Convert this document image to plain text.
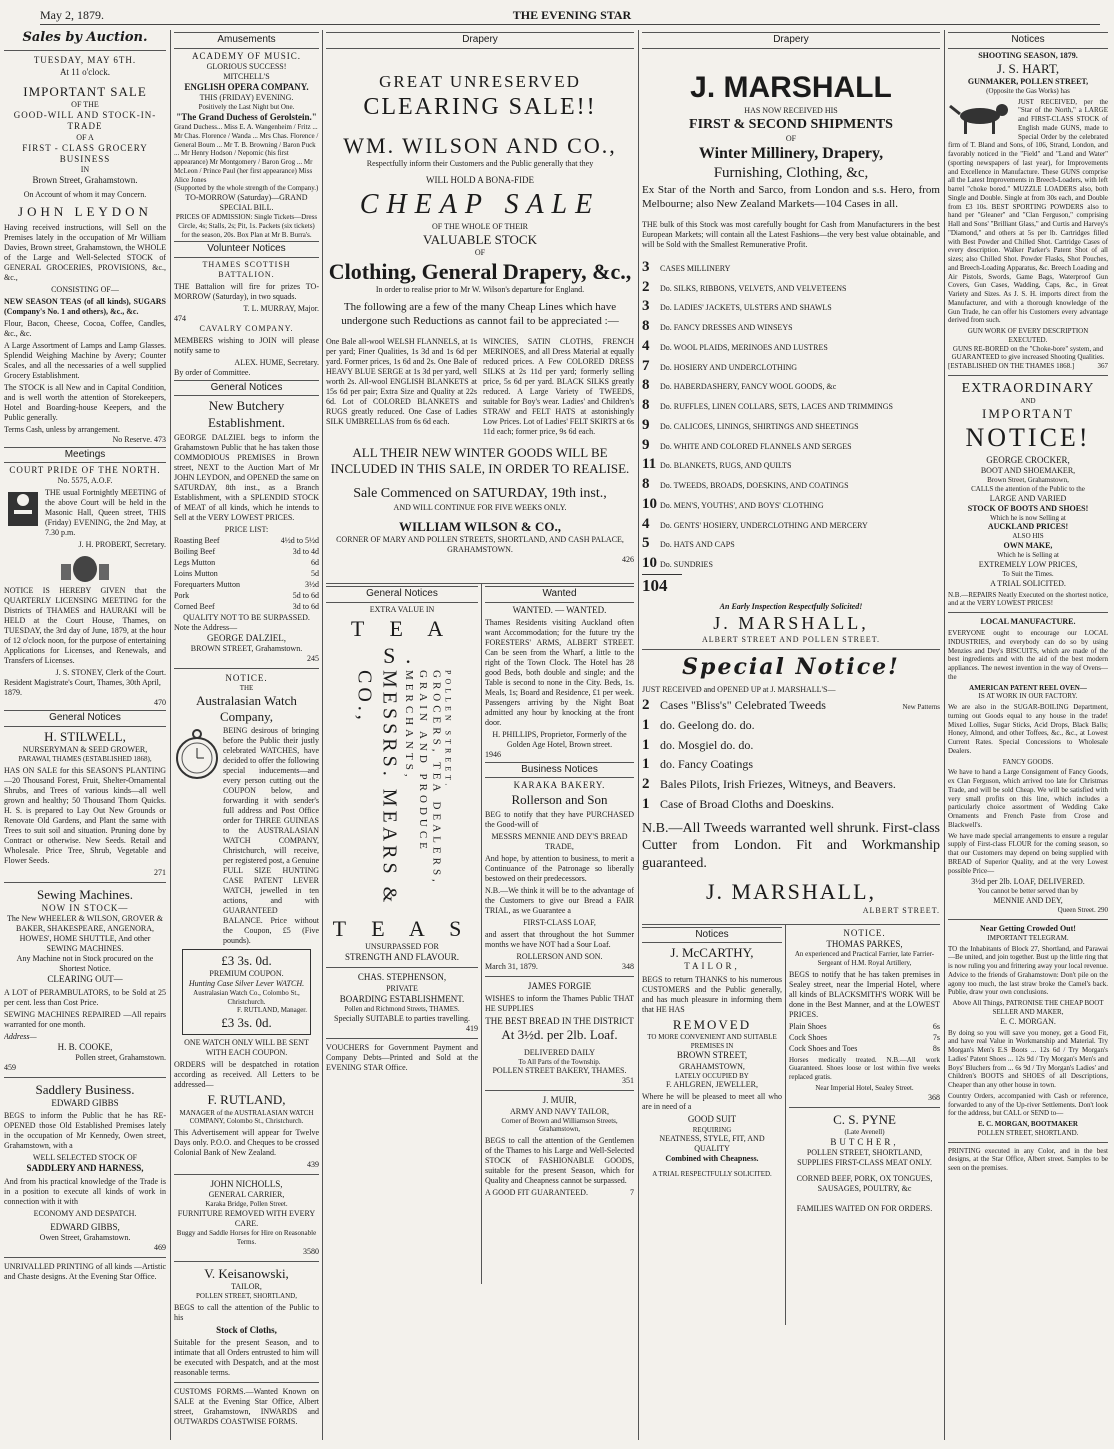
May 2, 1879.	THE EVENING STAR
Sales by Auction.
TUESDAY, MAY 6TH.
At 11 o'clock.
IMPORTANT SALE
OF THE
GOOD-WILL AND STOCK-IN-TRADE
OF A
FIRST - CLASS GROCERY BUSINESS
IN
Brown Street, Grahamstown.
On Account of whom it may Concern.
JOHN LEYDON
Having received instructions, will Sell on the Premises lately in the occupation of Mr William Davies, Brown street, Grahamstown, the WHOLE of the Large and Well-Selected STOCK of GENERAL GROCERIES, PROVISIONS, &c., &c.,
CONSISTING OF—
NEW SEASON TEAS (of all kinds), SUGARS (Company's No. 1 and others), &c., &c.
Flour, Bacon, Cheese, Cocoa, Coffee, Candles, &c., &c.
A Large Assortment of Lamps and Lamp Glasses. Splendid Weighing Machine by Avery; Counter Scales, and all the necessaries of a well supplied Grocery Establishment.
The STOCK is all New and in Capital Condition, and is well worth the attention of Storekeepers, Hotel and Boarding-house Keepers, and the Public generally.
Terms Cash, unless by arrangement.
No Reserve. 473
Meetings
COURT PRIDE OF THE NORTH.
No. 5575, A.O.F.
THE usual Fortnightly MEETING of the above Court will be held in the Masonic Hall, Queen street, THIS (Friday) EVENING, the 2nd May, at 7.30 p.m.
J. H. PROBERT, Secretary.
NOTICE IS HEREBY GIVEN that the QUARTERLY LICENSING MEETING for the Districts of THAMES and HAURAKI will be HELD at the Court House, Thames, on TUESDAY, the 3rd day of June, 1879, at the hour of 12 o'clock noon, for the purpose of entertaining Applications for Licenses, and Renewals, and Transfers of Licenses.
J. S. STONEY, Clerk of the Court.
Resident Magistrate's Court, Thames, 30th April, 1879.
470
General Notices
H. STILWELL,
NURSERYMAN & SEED GROWER,
PARAWAI, THAMES (ESTABLISHED 1868),
HAS ON SALE for this SEASON'S PLANTING—20 Thousand Forest, Fruit, Shelter-Ornamental Shrubs, and Trees of various kinds—all well grown and healthy; 50 Thousand Thorn Quicks. H. S. is prepared to Lay Out New Grounds or Renovate Old Gardens, and Plant the same with Trees to suit soil and situation. Pruning done by Contract or otherwise. New Seeds. Retail and Wholesale. Price Tree, Shrub, Vegetable and Flower Seeds.
271
Sewing Machines.
NOW IN STOCK—
The New WHEELER & WILSON, GROVER & BAKER, SHAKESPEARE, ANGENORA, HOWES', HOME SHUTTLE, And other SEWING MACHINES.
Any Machine not in Stock procured on the Shortest Notice.
CLEARING OUT—
A LOT of PERAMBULATORS, to be Sold at 25 per cent. less than Cost Price.
SEWING MACHINES REPAIRED —All repairs warranted for one month.
Address—
H. B. COOKE,
Pollen street, Grahamstown.
459
Saddlery Business.
EDWARD GIBBS
BEGS to inform the Public that he has RE-OPENED those Old Established Premises lately in the occupation of Mr Kennedy, Owen street, Grahamstown, with a
WELL SELECTED STOCK OF
SADDLERY AND HARNESS,
And from his practical knowledge of the Trade is in a position to execute all kinds of work in connection with it with
ECONOMY AND DESPATCH.
EDWARD GIBBS,
Owen Street, Grahamstown.
469
UNRIVALLED PRINTING of all kinds —Artistic and Chaste designs. At the Evening Star Office.
Amusements
ACADEMY OF MUSIC.
GLORIOUS SUCCESS!
MITCHELL'S
ENGLISH OPERA COMPANY.
THIS (FRIDAY) EVENING.
Positively the Last Night but One.
"The Grand Duchess of Gerolstein."
Grand Duchess... Miss E. A. Wangenheim / Fritz ... Mr Chas. Florence / Wanda ... Mrs Chas. Florence / General Boum ... Mr T. B. Browning / Baron Puck ... Mr Henry Hodson / Nepomic (his first appearance) Mr Montgomery / Baron Grog ... Mr McLeon / Prince Paul (her first appearance) Miss Alice Jones
(Supported by the whole strength of the Company.)
TO-MORROW (Saturday)—GRAND SPECIAL BILL.
PRICES OF ADMISSION: Single Tickets—Dress Circle, 4s; Stalls, 2s; Pit, 1s. Packets (six tickets) for the season, 20s. Box Plan at Mr B. Burra's.
Volunteer Notices
THAMES SCOTTISH BATTALION.
THE Battalion will fire for prizes TO-MORROW (Saturday), in two squads.
T. L. MURRAY, Major.
474
CAVALRY COMPANY.
MEMBERS wishing to JOIN will please notify same to
ALEX. HUME, Secretary.
By order of Committee.
General Notices
New Butchery Establishment.
GEORGE DALZIEL begs to inform the Grahamstown Public that he has taken those COMMODIOUS PREMISES in Brown street, NEXT to the Auction Mart of Mr JOHN LEYDON, and OPENED the same on SATURDAY, 8th inst., as a Branch Establishment, with a SPLENDID STOCK of MEAT of all kinds, which he intends to Sell at the VERY LOWEST PRICES.
PRICE LIST:
Roasting Beef	4½d to 5½d
Boiling Beef	3d to 4d
Legs Mutton	6d
Loins Mutton	5d
Forequarters Mutton	3½d
Pork	5d to 6d
Corned Beef	3d to 6d
QUALITY NOT TO BE SURPASSED.
Note the Address—
GEORGE DALZIEL,
BROWN STREET, Grahamstown.
245
NOTICE.
THE
Australasian Watch Company,
BEING desirous of bringing before the Public their justly celebrated WATCHES, have decided to offer the following special inducements—and every person cutting out the COUPON below, and forwarding it with sender's full address and Post Office order for THREE GUINEAS to the AUSTRALASIAN WATCH COMPANY, Christchurch, will receive, per registered post, a Genuine FULL SIZE HUNTING CASE PATENT LEVER WATCH, jewelled in ten actions, and with GUARANTEED BALANCE. Price without the Coupon, £5 (Five pounds).
£3 3s. 0d.
PREMIUM COUPON.
Hunting Case Silver Lever WATCH.
Australasian Watch Co., Colombo St., Christchurch.
F. RUTLAND, Manager.
£3 3s. 0d.
ONE WATCH ONLY WILL BE SENT WITH EACH COUPON.
ORDERS will be despatched in rotation according as received. All Letters to be addressed—
F. RUTLAND,
MANAGER of the AUSTRALASIAN WATCH COMPANY, Colombo St., Christchurch.
This Advertisement will appear for Twelve Days only. P.O.O. and Cheques to be crossed Colonial Bank of New Zealand.
439
JOHN NICHOLLS,
GENERAL CARRIER,
Karaka Bridge, Pollen Street.
FURNITURE REMOVED WITH EVERY CARE.
Buggy and Saddle Horses for Hire on Reasonable Terms.
3580
V. Keisanowski,
TAILOR,
POLLEN STREET, SHORTLAND,
BEGS to call the attention of the Public to his
Stock of Cloths,
Suitable for the present Season, and to intimate that all Orders entrusted to him will be executed with Despatch, and at the most reasonable terms.
CUSTOMS FORMS.—Wanted Known on SALE at the Evening Star Office, Albert street, Grahamstown, INWARDS and OUTWARDS COASTWISE FORMS.
Drapery
GREAT UNRESERVED
CLEARING SALE!!
WM. WILSON AND CO.,
Respectfully inform their Customers and the Public generally that they
WILL HOLD A BONA-FIDE
CHEAP SALE
OF THE WHOLE OF THEIR
VALUABLE STOCK
OF
Clothing, General Drapery, &c.,
In order to realise prior to Mr W. Wilson's departure for England.
The following are a few of the many Cheap Lines which have undergone such Reductions as cannot fail to be appreciated :—
One Bale all-wool WELSH FLANNELS, at 1s per yard; Finer Qualities, 1s 3d and 1s 6d per yard. Former prices, 1s 6d and 2s. One Bale of HEAVY BLUE SERGE at 1s 3d per yard, well worth 2s. All-wool ENGLISH BLANKETS at 15s 6d per pair; Extra Size and Quality at 22s 6d. Lot of COLORED BLANKETS and RUGS greatly reduced. One Case of Ladies SILK UMBRELLAS from 6s 6d each.
WINCIES, SATIN CLOTHS, FRENCH MERINOES, and all Dress Material at equally reduced prices. A Few COLORED DRESS SILKS at 2s 11d per yard; formerly selling price, 5s 6d per yard. BLACK SILKS greatly reduced. A Large Variety of TWEEDS, suitable for Boy's wear. Ladies' and Children's STRAW and FELT HATS at astonishingly Low Prices. Lot of Ladies' FELT SKIRTS at 6s 11d each; former price, 9s 6d each.
ALL THEIR NEW WINTER GOODS WILL BE INCLUDED IN THIS SALE, IN ORDER TO REALISE.
Sale Commenced on SATURDAY, 19th inst.,
AND WILL CONTINUE FOR FIVE WEEKS ONLY.
WILLIAM WILSON & CO.,
CORNER OF MARY AND POLLEN STREETS, SHORTLAND, AND CASH PALACE, GRAHAMSTOWN.
426
General Notices
EXTRA VALUE IN
T E A S.
MESSRS. MEARS & CO.,	GROCERS, TEA DEALERS, GRAIN AND PRODUCE MERCHANTS,	POLLEN STREET.
T E A S
UNSURPASSED FOR
STRENGTH AND FLAVOUR.
CHAS. STEPHENSON,
PRIVATE
BOARDING ESTABLISHMENT.
Pollen and Richmond Streets, THAMES.
Specially SUITABLE to parties travelling.
419
VOUCHERS for Government Payment and Company Debts—Printed and Sold at the EVENING STAR Office.
Wanted
WANTED. — WANTED.
Thames Residents visiting Auckland often want Accommodation; for the future try the FORESTERS' ARMS, ALBERT STREET. Can be seen from the Wharf, a little to the right of the Town Clock. The Hotel has 28 good Beds, both double and single; and the Table is second to none in the City. Beds, 1s. Meals, 1s; Board and Residence, £1 per week. Passengers arriving by the Night Boat admitted any hour by knocking at the front door.
H. PHILLIPS, Proprietor, Formerly of the Golden Age Hotel, Brown street.
1946
Business Notices
KARAKA BAKERY.
Rollerson and Son
BEG to notify that they have PURCHASED the Good-will of
MESSRS MENNIE AND DEY'S BREAD TRADE,
And hope, by attention to business, to merit a Continuance of the Patronage so liberally bestowed on their predecessors.
N.B.—We think it will be to the advantage of the Customers to give our Bread a FAIR TRIAL, as we Guarantee a
FIRST-CLASS LOAF,
and assert that throughout the hot Summer months we have NOT had a Sour Loaf.
ROLLERSON AND SON.
March 31, 1879.	348
JAMES FORGIE
WISHES to inform the Thames Public THAT HE SUPPLIES
THE BEST BREAD IN THE DISTRICT
At 3½d. per 2lb. Loaf.
DELIVERED DAILY
To All Parts of the Township.
POLLEN STREET BAKERY, THAMES.
351
J. MUIR,
ARMY AND NAVY TAILOR,
Corner of Brown and Williamson Streets, Grahamstown,
BEGS to call the attention of the Gentlemen of the Thames to his Large and Well-Selected STOCK of FASHIONABLE GOODS, suitable for the present Season, which for Quality and Cheapness cannot be surpassed.
A GOOD FIT GUARANTEED.	7
Drapery
J. MARSHALL
HAS NOW RECEIVED HIS
FIRST & SECOND SHIPMENTS
OF
Winter Millinery, Drapery,
Furnishing, Clothing, &c,
Ex Star of the North and Sarco, from London and s.s. Hero, from Melbourne; also New Zealand Markets—104 Cases in all.
THE bulk of this Stock was most carefully bought for Cash from Manufacturers in the best European Markets; will contain all the Latest Fashions—the very best value obtainable, and will be Sold with the Smallest Remunerative Profit.
3	CASES MILLINERY
2	Do. SILKS, RIBBONS, VELVETS, AND VELVETEENS
3	Do. LADIES' JACKETS, ULSTERS AND SHAWLS
8	Do. FANCY DRESSES AND WINSEYS
4	Do. WOOL PLAIDS, MERINOES AND LUSTRES
7	Do. HOSIERY AND UNDERCLOTHING
8	Do. HABERDASHERY, FANCY WOOL GOODS, &c
8	Do. RUFFLES, LINEN COLLARS, SETS, LACES AND TRIMMINGS
9	Do. CALICOES, LININGS, SHIRTINGS AND SHEETINGS
9	Do. WHITE AND COLORED FLANNELS AND SERGES
11 Do. BLANKETS, RUGS, AND QUILTS
8	Do. TWEEDS, BROADS, DOESKINS, AND COATINGS
10 Do. MEN'S, YOUTHS', AND BOYS' CLOTHING
4	Do. GENTS' HOSIERY, UNDERCLOTHING AND MERCERY
5	Do. HATS AND CAPS
10 Do. SUNDRIES
104
An Early Inspection Respectfully Solicited!
J. MARSHALL,
ALBERT STREET AND POLLEN STREET.
Special Notice!
JUST RECEIVED and OPENED UP at J. MARSHALL'S—
2 Cases "Bliss's" Celebrated Tweeds	New Patterns
1 do. Geelong do. do.
1 do. Mosgiel do. do.
1 do. Fancy Coatings
2 Bales Pilots, Irish Friezes, Witneys, and Beavers.
1 Case of Broad Cloths and Doeskins.
N.B.—All Tweeds warranted well shrunk. First-class Cutter from London. Fit and Workmanship guaranteed.
J. MARSHALL,
ALBERT STREET.
Notices
J. McCARTHY,
TAILOR,
BEGS to return THANKS to his numerous CUSTOMERS and the Public generally, and has much pleasure in informing them that HE HAS
REMOVED
TO MORE CONVENIENT AND SUITABLE PREMISES IN
BROWN STREET,
GRAHAMSTOWN,
LATELY OCCUPIED BY
F. AHLGREN, JEWELLER,
Where he will be pleased to meet all who are in need of a
GOOD SUIT
REQUIRING
NEATNESS, STYLE, FIT, AND QUALITY
Combined with Cheapness.
A TRIAL RESPECTFULLY SOLICITED.
NOTICE.
THOMAS PARKES,
An experienced and Practical Farrier, late Farrier-Sergeant of H.M. Royal Artillery,
BEGS to notify that he has taken premises in Sealey street, near the Imperial Hotel, where all kinds of BLACKSMITH'S WORK Will be done in the Best Manner, and at the LOWEST PRICES.
Plain Shoes	6s
Cock Shoes	7s
Cock Shoes and Toes	8s
Horses medically treated. N.B.—All work Guaranteed. Shoes loose or lost within five weeks replaced gratis.
Near Imperial Hotel, Sealey Street.
368
C. S. PYNE
(Late Avenell)
BUTCHER,
POLLEN STREET, SHORTLAND,
SUPPLIES FIRST-CLASS MEAT ONLY.
CORNED BEEF, PORK, OX TONGUES, SAUSAGES, POULTRY, &c
FAMILIES WAITED ON FOR ORDERS.
Notices
SHOOTING SEASON, 1879.
J. S. HART,
GUNMAKER, POLLEN STREET,
(Opposite the Gas Works) has
JUST RECEIVED, per the "Star of the North," a LARGE and FIRST-CLASS STOCK of English made GUNS, made to Special Order by the celebrated firm of T. Bland and Sons, of 106, Strand, London, and favorably noticed in the "Field" and "Land and Water" (sporting newspapers of last year), for Improvements and Excellence in Manufacture. These GUNS comprise all the Latest Improvements in Breech-Loaders, with left barrel "choke bored." MUZZLE LOADERS also, both Single and Double. Single at from 30s each, and Double from £3 10s. BEST SPORTING POWDERS also to hand per "Gleaner" and "Clan Ferguson," comprising Hall and Sons' "Brilliant Glass," and Curtis and Harvey's "Diamond," and others at 5s per lb. Cartridges filled with Best Powder and Chilled Shot. Cartridge Cases of every description. Walker Parker's Patent Shot of all sizes; also Chilled Shot. Powder Flasks, Shot Pouches, and Breech-Loading Apparatus, &c. Breech Loading and Air Pistols, Swords, Game Bags, Waterproof Gun Covers, Gun Cases, Wadding, Caps, &c., in Great Variety and Sizes. As J. S. H. imports direct from the Manufacturer, and with a thorough knowledge of the Gun Trade, he can offer his Customers every advantage derived from such.
GUN WORK OF EVERY DESCRIPTION EXECUTED.
GUNS RE-BORED on the "Choke-bore" system, and GUARANTEED to give increased Shooting Qualities.
[ESTABLISHED ON THE THAMES 1868.]	367
EXTRAORDINARY
AND
IMPORTANT
NOTICE!
GEORGE CROCKER,
BOOT AND SHOEMAKER,
Brown Street, Grahamstown,
CALLS the attention of the Public to the
LARGE AND VARIED
STOCK OF BOOTS AND SHOES!
Which he is now Selling at
AUCKLAND PRICES!
ALSO HIS
OWN MAKE,
Which he is Selling at
EXTREMELY LOW PRICES,
To Suit the Times.
A TRIAL SOLICITED.
N.B.—REPAIRS Neatly Executed on the shortest notice, and at the VERY LOWEST PRICES!
LOCAL MANUFACTURE.
EVERYONE ought to encourage our LOCAL INDUSTRIES, and everybody can do so by using Menzies and Dey's BISCUITS, which are made of the best ingredients and with the aid of the best modern appliances. The newest invention in the way of Ovens—the
AMERICAN PATENT REEL OVEN—
IS AT WORK IN OUR FACTORY.
We are also in the SUGAR-BOILING Department, turning out Goods equal to any house in the trade! Mixed Lollies, Sugar Sticks, Acid Drops, Black Balls; Honey, Almond, and other Toffees, &c., &c., at Lowest Current Rates. Special Concessions to Wholesale Dealers.
FANCY GOODS.
We have to hand a Large Consignment of Fancy Goods, ex Clan Ferguson, which arrived too late for Christmas Trade, and will be sold Cheap. We will be satisfied with very small profits on this line, which includes a particularly choice assortment of Wedding Cake Ornaments and French Paste from Crose and Blackwell's.
We have made special arrangements to ensure a regular supply of First-class FLOUR for the coming season, so that our Customers may depend on being supplied with BREAD of Superior Quality, and at the very Lowest possible Price—
3½d per 2lb. LOAF, DELIVERED.
You cannot be better served than by
MENNIE AND DEY,
Queen Street. 290
Near Getting Crowded Out!
IMPORTANT TELEGRAM.
TO the Inhabitants of Block 27, Shortland, and Parawai—Be united, and join together. Bust up the little ring that is now ruling you and frittering away your local revenue. Advice to the friends of Grahamstown: Don't pile on the agony too much, the last straw broke the Camel's back. Publie, draw your own conclusions.
Above All Things, PATRONISE THE CHEAP BOOT SELLER AND MAKER,
E. C. MORGAN.
By doing so you will save you money, get a Good Fit, and have real Value in Workmanship and Material. Try Morgan's Men's E.S Boots ... 12s 6d / Try Morgan's Ladies' Patent Shoes ... 12s 9d / Try Morgan's Men's and Boys' Bluchers from ... 6s 9d / Try Morgan's Ladies' and Children's BOOTS and SHOES of all Descriptions, Cheaper than any other house in town.
Country Orders, accompanied with Cash or reference, forwarded to any of the Up-river Settlements. Don't look for the address, but CALL or SEND to—
E. C. MORGAN, BOOTMAKER
POLLEN STREET, SHORTLAND.
PRINTING executed in any Color, and in the best designs, at the Star Office, Albert street. Samples to be seen on the premises.
